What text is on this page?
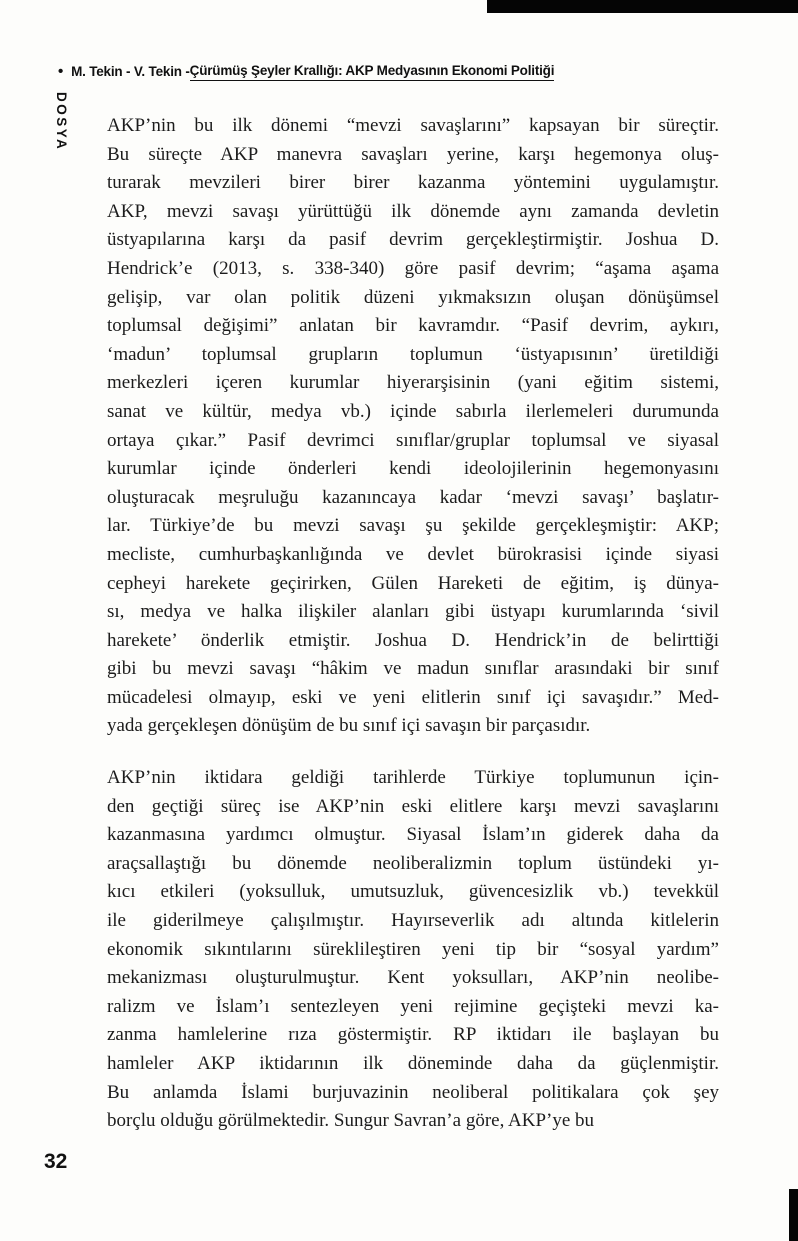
• M. Tekin - V. Tekin - Çürümüş Şeyler Krallığı: AKP Medyasının Ekonomi Politiği
DOSYA AKP’nin bu ilk dönemi “mevzi savaşlarını” kapsayan bir süreçtir.
Bu süreçte AKP manevra savaşları yerine, karşı hegemonya oluş-
turarak mevzileri birer birer kazanma yöntemini uygulamıştır.
AKP, mevzi savaşı yürüttüğü ilk dönemde aynı zamanda devletin
üstyapılarına karşı da pasif devrim gerçekleştirmiştir. Joshua D.
Hendrick’e (2013, s. 338-340) göre pasif devrim; “aşama aşama
gelişip, var olan politik düzeni yıkmaksızın oluşan dönüşümsel
toplumsal değişimi” anlatan bir kavramdır. “Pasif devrim, aykırı,
‘madun’ toplumsal grupların toplumun ‘üstyapısının’ üretildiği
merkezleri içeren kurumlar hiyerarşisinin (yani eğitim sistemi,
sanat ve kültür, medya vb.) içinde sabırla ilerlemeleri durumunda
ortaya çıkar.” Pasif devrimci sınıflar/gruplar toplumsal ve siyasal
kurumlar içinde önderleri kendi ideolojilerinin hegemonyasını
oluşturacak meşruluğu kazanıncaya kadar ‘mevzi savaşı’ başlatır-
lar. Türkiye’de bu mevzi savaşı şu şekilde gerçekleşmiştir: AKP;
mecliste, cumhurbaşkanlığında ve devlet bürokrasisi içinde siyasi
cepheyi harekete geçirirken, Gülen Hareketi de eğitim, iş dünya-
sı, medya ve halka ilişkiler alanları gibi üstyapı kurumlarında ‘sivil
harekete’ önderlik etmiştir. Joshua D. Hendrick’in de belirttiği
gibi bu mevzi savaşı “hâkim ve madun sınıflar arasındaki bir sınıf
mücadelesi olmayıp, eski ve yeni elitlerin sınıf içi savaşıdır.” Med-
yada gerçekleşen dönüşüm de bu sınıf içi savaşın bir parçasıdır.
AKP’nin iktidara geldiği tarihlerde Türkiye toplumunun için-
den geçtiği süreç ise AKP’nin eski elitlere karşı mevzi savaşlarını
kazanmasına yardımcı olmuştur. Siyasal İslam’ın giderek daha da
araçsallaştığı bu dönemde neoliberalizmin toplum üstündeki yı-
kıcı etkileri (yoksulluk, umutsuzluk, güvencesizlik vb.) tevekkül
ile giderilmeye çalışılmıştır. Hayırseverlik adı altında kitlelerin
ekonomik sıkıntılarını süreklileştiren yeni tip bir “sosyal yardım”
mekanizması oluşturulmuştur. Kent yoksulları, AKP’nin neolibe-
ralizm ve İslam’ı sentezleyen yeni rejimine geçişteki mevzi ka-
zanma hamlelerine rıza göstermiştir. RP iktidarı ile başlayan bu
hamleler AKP iktidarının ilk döneminde daha da güçlenmiştir.
Bu anlamda İslami burjuvazinin neoliberal politikalara çok şey
borçlu olduğu görülmektedir. Sungur Savran’a göre, AKP’ye bu
32
